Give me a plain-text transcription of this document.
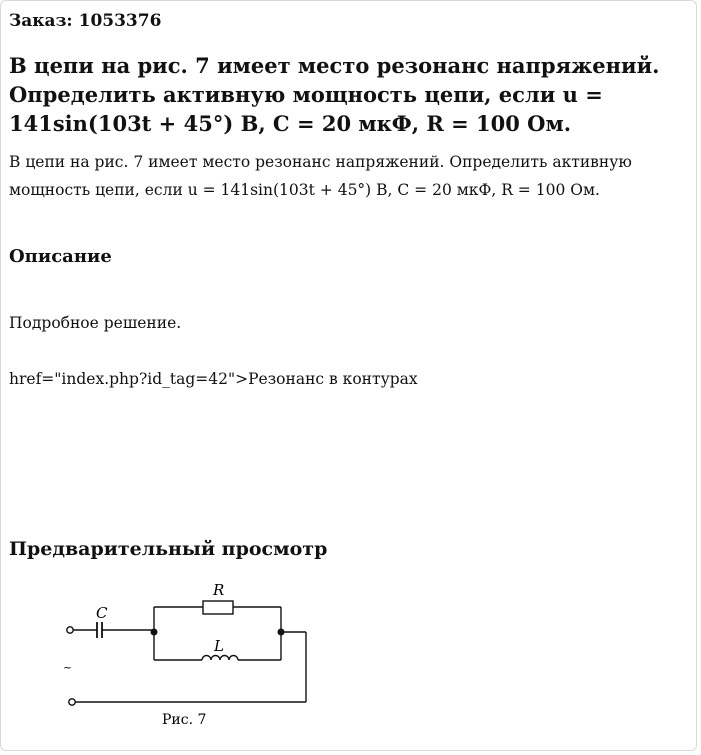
Заказ: 1053376
В цепи на рис. 7 имеет место резонанс напряжений. Определить активную мощность цепи, если u = 141sin(103t + 45°) В, C = 20 мкФ, R = 100 Ом.
В цепи на рис. 7 имеет место резонанс напряжений. Определить активную мощность цепи, если u = 141sin(103t + 45°) В, C = 20 мкФ, R = 100 Ом.
Описание
Подробное решение.
href="index.php?id_tag=42">Резонанс в контурах
Предварительный просмотр
C
R
L
~
Рис. 7
